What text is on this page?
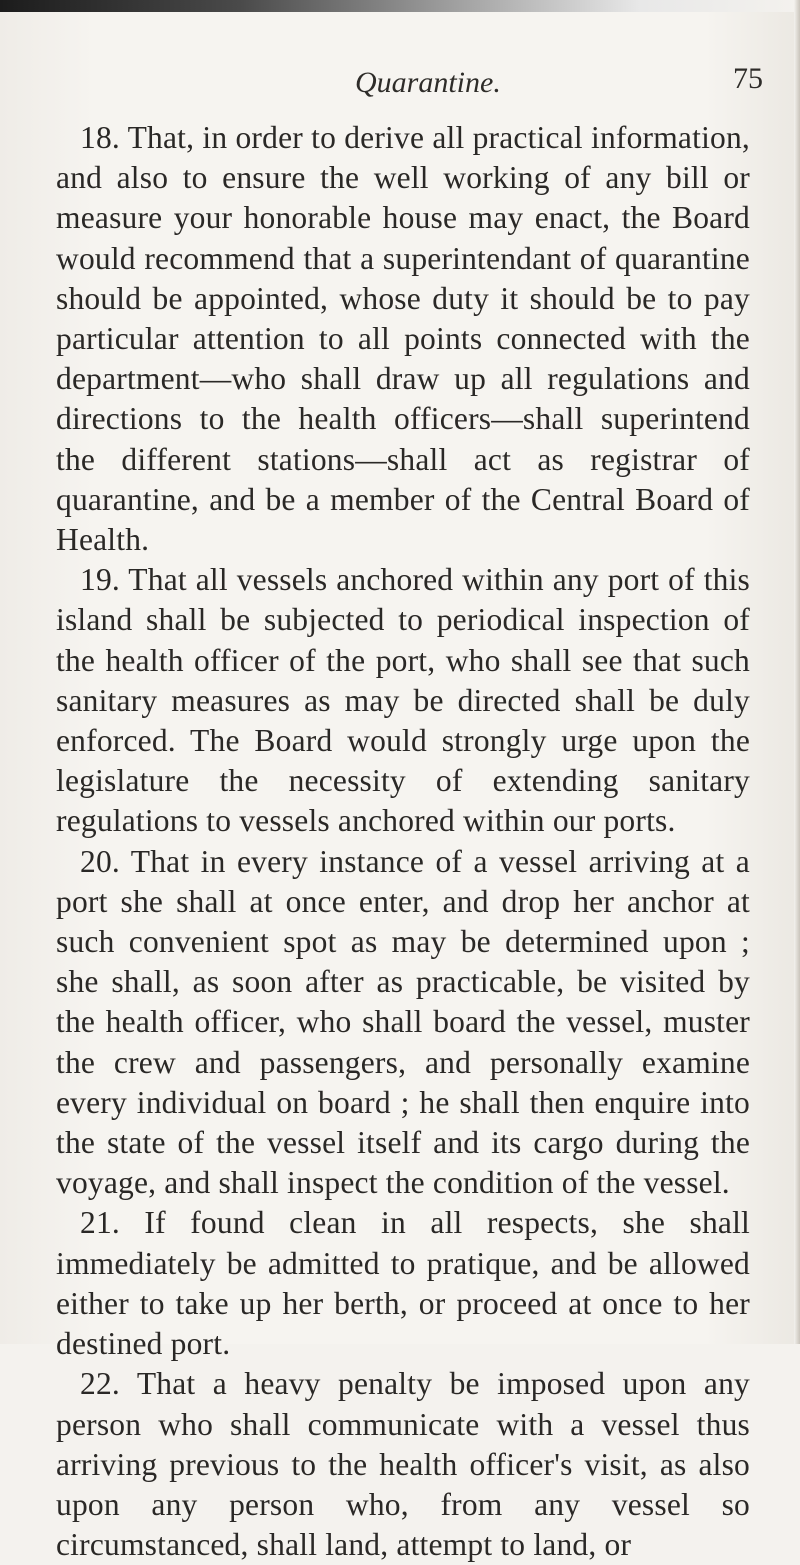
Quarantine.	75

18. That, in order to derive all practical information, and also to ensure the well working of any bill or measure your honorable house may enact, the Board would recommend that a superintendant of quarantine should be appointed, whose duty it should be to pay particular attention to all points connected with the department—who shall draw up all regulations and directions to the health officers—shall superintend the different stations—shall act as registrar of quarantine, and be a member of the Central Board of Health.

19. That all vessels anchored within any port of this island shall be subjected to periodical inspection of the health officer of the port, who shall see that such sanitary measures as may be directed shall be duly enforced. The Board would strongly urge upon the legislature the necessity of extending sanitary regulations to vessels anchored within our ports.

20. That in every instance of a vessel arriving at a port she shall at once enter, and drop her anchor at such convenient spot as may be determined upon ; she shall, as soon after as practicable, be visited by the health officer, who shall board the vessel, muster the crew and passengers, and personally examine every individual on board ; he shall then enquire into the state of the vessel itself and its cargo during the voyage, and shall inspect the condition of the vessel.

21. If found clean in all respects, she shall immediately be admitted to pratique, and be allowed either to take up her berth, or proceed at once to her destined port.

22. That a heavy penalty be imposed upon any person who shall communicate with a vessel thus arriving previous to the health officer's visit, as also upon any person who, from any vessel so circumstanced, shall land, attempt to land, or
